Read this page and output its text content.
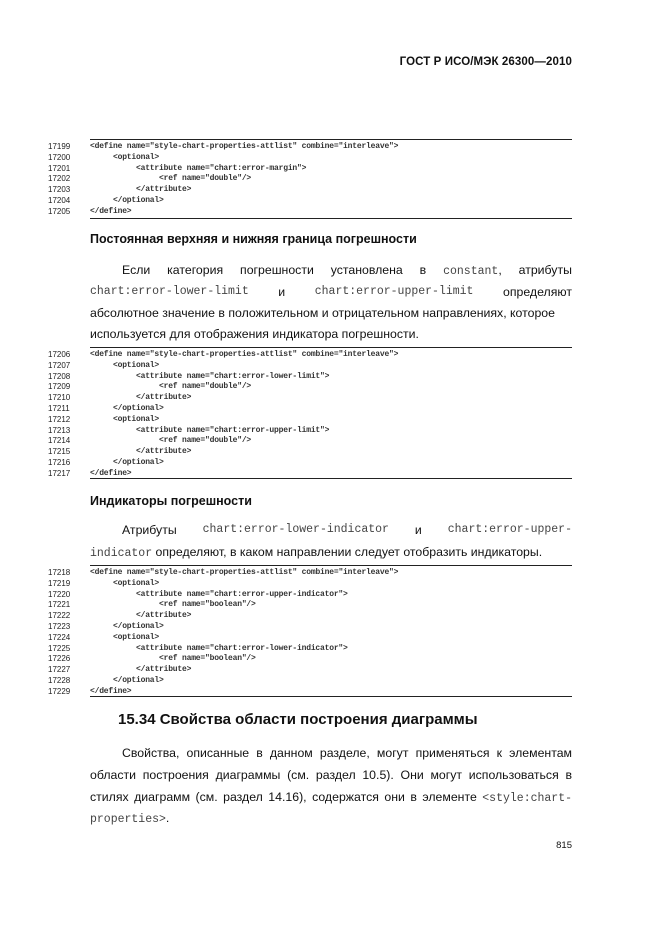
ГОСТ Р ИСО/МЭК 26300—2010
17199	<define name="style-chart-properties-attlist" combine="interleave">
17200	<optional>
17201	<attribute name="chart:error-margin">
17202	<ref name="double"/>
17203	</attribute>
17204	</optional>
17205	</define>
Постоянная верхняя и нижняя граница погрешности
Если категория погрешности установлена в constant, атрибуты
chart:error-lower-limit и	chart:error-upper-limit определяют
абсолютное значение в положительном и отрицательном направлениях, которое
используется для отображения индикатора погрешности.
17206	<define name="style-chart-properties-attlist" combine="interleave">
17207	<optional>
17208	<attribute name="chart:error-lower-limit">
17209	<ref name="double"/>
17210	</attribute>
17211	</optional>
17212	<optional>
17213	<attribute name="chart:error-upper-limit">
17214	<ref name="double"/>
17215	</attribute>
17216	</optional>
17217	</define>
Индикаторы погрешности
Атрибуты chart:error-lower-indicator и chart:error-upper-
indicator определяют, в каком направлении следует отобразить индикаторы.
17218	<define name="style-chart-properties-attlist" combine="interleave">
17219	<optional>
17220	<attribute name="chart:error-upper-indicator">
17221	<ref name="boolean"/>
17222	</attribute>
17223	</optional>
17224	<optional>
17225	<attribute name="chart:error-lower-indicator">
17226	<ref name="boolean"/>
17227	</attribute>
17228	</optional>
17229	</define>
15.34 Свойства области построения диаграммы
Свойства, описанные в данном разделе, могут применяться к элементам
области построения диаграммы (см. раздел 10.5). Они могут использоваться в
стилях диаграмм (см. раздел 14.16), содержатся они в элементе <style:chart-
properties>.
815
